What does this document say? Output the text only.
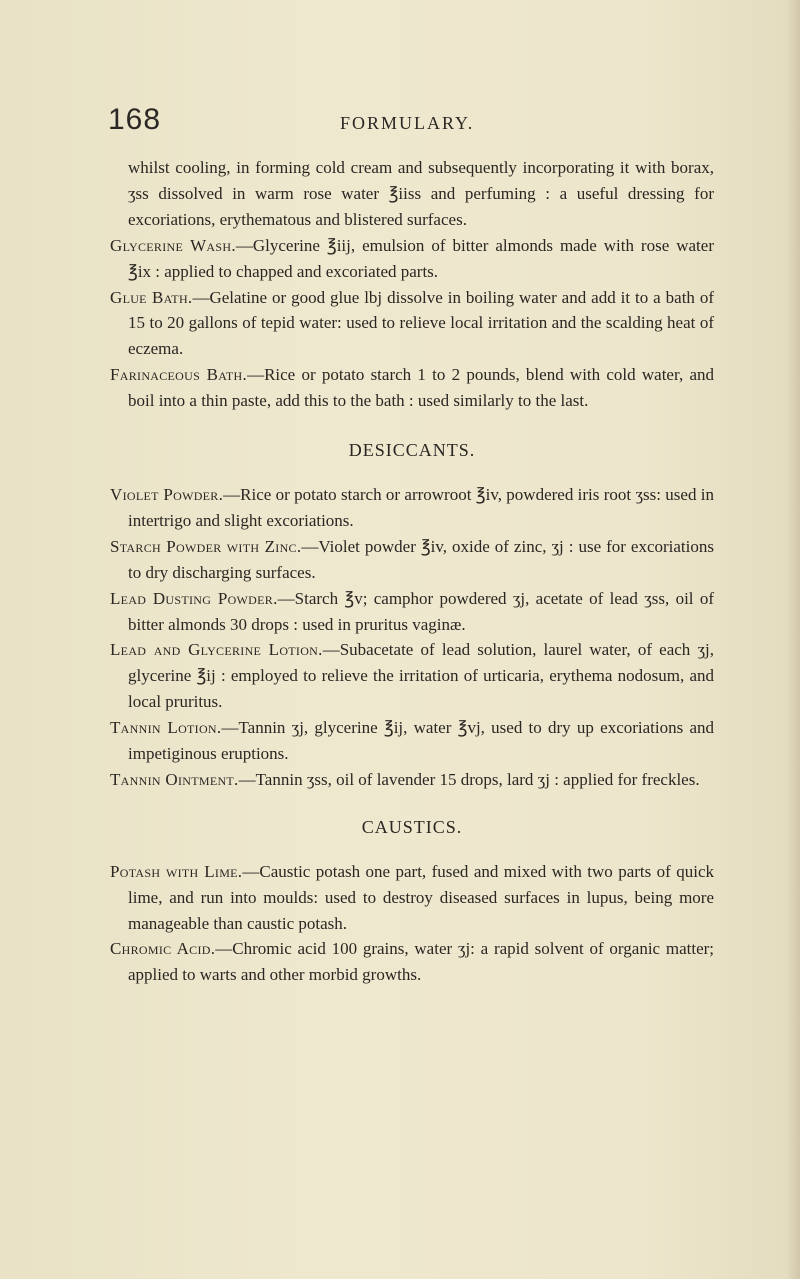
168	FORMULARY.

whilst cooling, in forming cold cream and subsequently incorporating it with borax, ʒss dissolved in warm rose water ℥iiss and perfuming : a useful dressing for excoriations, erythematous and blistered surfaces.

Glycerine Wash.—Glycerine ℥iij, emulsion of bitter almonds made with rose water ℥ix : applied to chapped and excoriated parts.

Glue Bath.—Gelatine or good glue lbj dissolve in boiling water and add it to a bath of 15 to 20 gallons of tepid water: used to relieve local irritation and the scalding heat of eczema.

Farinaceous Bath.—Rice or potato starch 1 to 2 pounds, blend with cold water, and boil into a thin paste, add this to the bath : used similarly to the last.

DESICCANTS.

Violet Powder.—Rice or potato starch or arrowroot ℥iv, powdered iris root ʒss: used in intertrigo and slight excoriations.

Starch Powder with Zinc.—Violet powder ℥iv, oxide of zinc, ʒj : use for excoriations to dry discharging surfaces.

Lead Dusting Powder.—Starch ℥v; camphor powdered ʒj, acetate of lead ʒss, oil of bitter almonds 30 drops : used in pruritus vaginæ.

Lead and Glycerine Lotion.—Subacetate of lead solution, laurel water, of each ʒj, glycerine ℥ij : employed to relieve the irritation of urticaria, erythema nodosum, and local pruritus.

Tannin Lotion.—Tannin ʒj, glycerine ℥ij, water ℥vj, used to dry up excoriations and impetiginous eruptions.

Tannin Ointment.—Tannin ʒss, oil of lavender 15 drops, lard ʒj : applied for freckles.

CAUSTICS.

Potash with Lime.—Caustic potash one part, fused and mixed with two parts of quick lime, and run into moulds: used to destroy diseased surfaces in lupus, being more manageable than caustic potash.

Chromic Acid.—Chromic acid 100 grains, water ʒj: a rapid solvent of organic matter; applied to warts and other morbid growths.
